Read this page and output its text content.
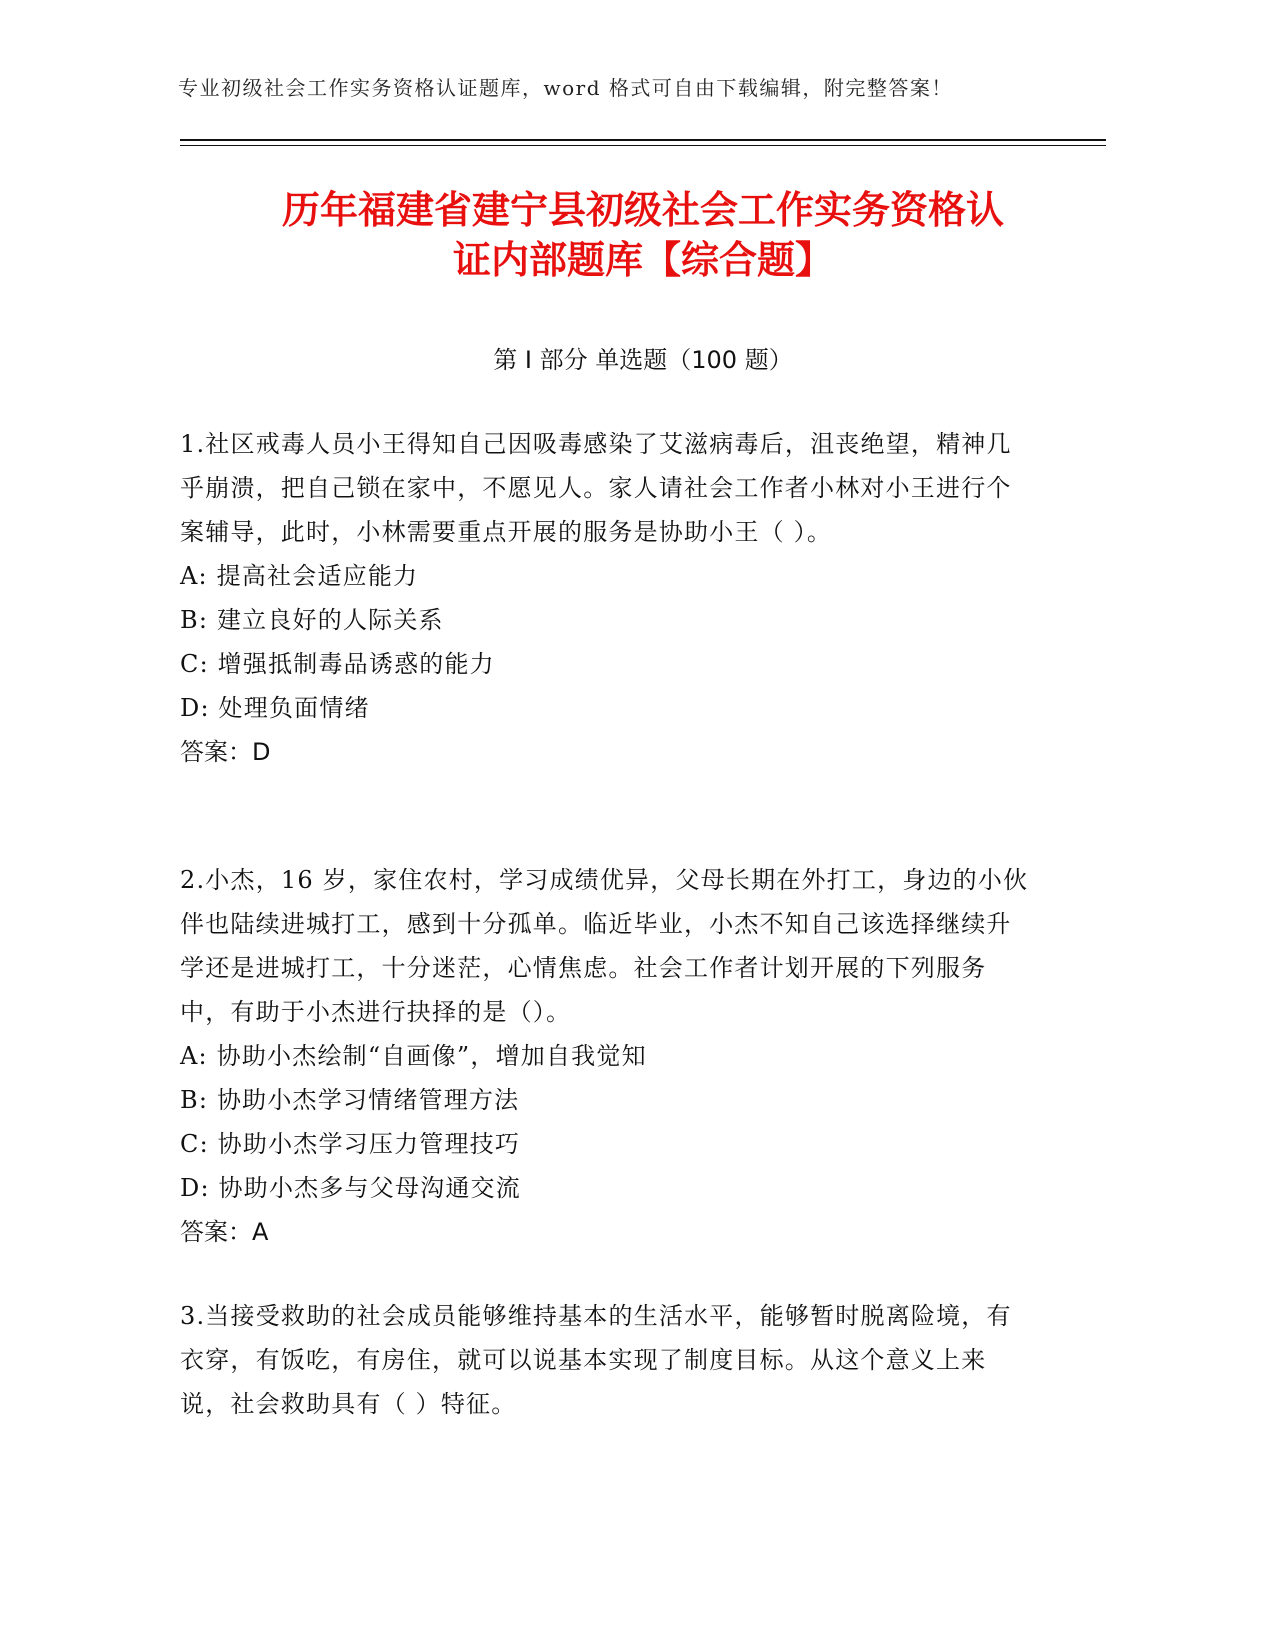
专业初级社会工作实务资格认证题库，word 格式可自由下载编辑，附完整答案！
历年福建省建宁县初级社会工作实务资格认
证内部题库【综合题】
第 I 部分 单选题（100 题）

1.社区戒毒人员小王得知自己因吸毒感染了艾滋病毒后，沮丧绝望，精神几乎崩溃，把自己锁在家中，不愿见人。家人请社会工作者小林对小王进行个案辅导，此时，小林需要重点开展的服务是协助小王（ ）。

A: 提高社会适应能力

B: 建立良好的人际关系

C: 增强抵制毒品诱惑的能力

D: 处理负面情绪

答案：D

2.小杰，16 岁，家住农村，学习成绩优异，父母长期在外打工，身边的小伙伴也陆续进城打工，感到十分孤单。临近毕业，小杰不知自己该选择继续升学还是进城打工，十分迷茫，心情焦虑。社会工作者计划开展的下列服务中，有助于小杰进行抉择的是（）。

A: 协助小杰绘制“自画像”，增加自我觉知

B: 协助小杰学习情绪管理方法

C: 协助小杰学习压力管理技巧

D: 协助小杰多与父母沟通交流

答案：A

3.当接受救助的社会成员能够维持基本的生活水平，能够暂时脱离险境，有衣穿，有饭吃，有房住，就可以说基本实现了制度目标。从这个意义上来说，社会救助具有（ ）特征。
